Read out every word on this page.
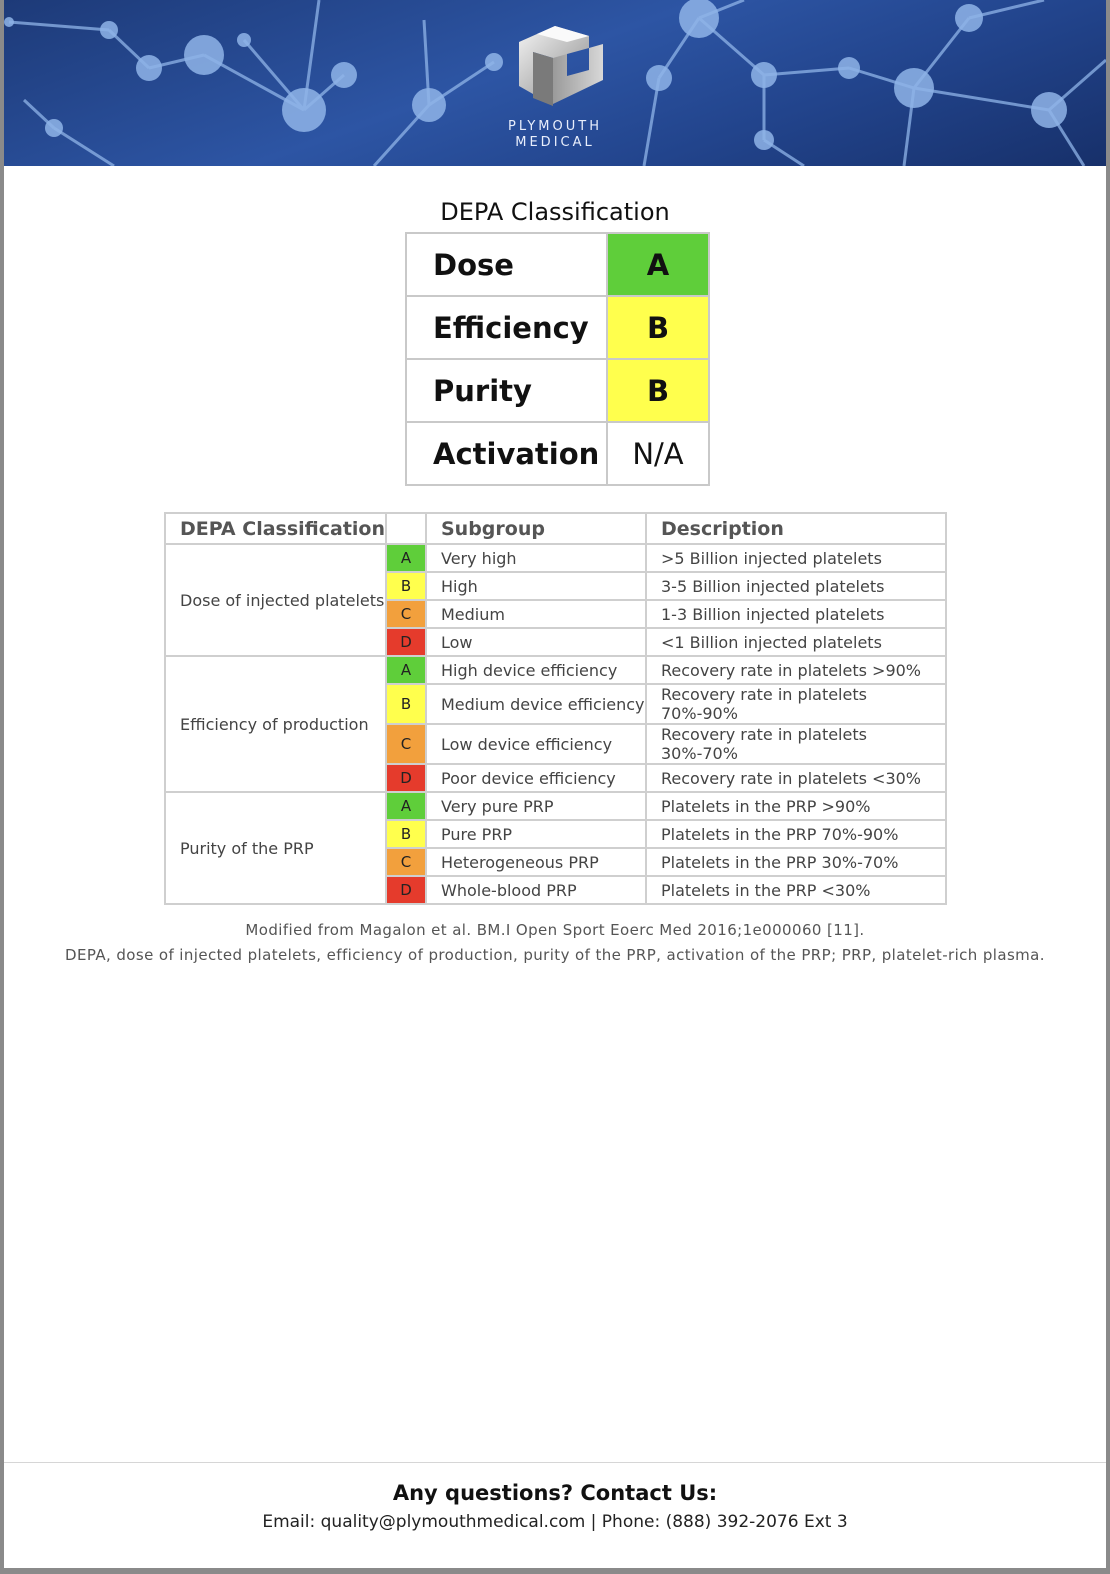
PLYMOUTH
MEDICAL
DEPA Classification
Dose	A
Efficiency	B
Purity	B
Activation	N/A
DEPA Classification		Subgroup	Description
Dose of injected platelets	A	Very high	>5 Billion injected platelets
	B	High	3-5 Billion injected platelets
	C	Medium	1-3 Billion injected platelets
	D	Low	<1 Billion injected platelets
Efficiency of production	A	High device efficiency	Recovery rate in platelets >90%
	B	Medium device efficiency	Recovery rate in platelets 70%-90%
	C	Low device efficiency	Recovery rate in platelets 30%-70%
	D	Poor device efficiency	Recovery rate in platelets <30%
Purity of the PRP	A	Very pure PRP	Platelets in the PRP >90%
	B	Pure PRP	Platelets in the PRP 70%-90%
	C	Heterogeneous PRP	Platelets in the PRP 30%-70%
	D	Whole-blood PRP	Platelets in the PRP <30%
Modified from Magalon et al. BM.I Open Sport Eoerc Med 2016;1e000060 [11].
DEPA, dose of injected platelets, efficiency of production, purity of the PRP, activation of the PRP; PRP, platelet-rich plasma.
Any questions? Contact Us:
Email: quality@plymouthmedical.com | Phone: (888) 392-2076 Ext 3
